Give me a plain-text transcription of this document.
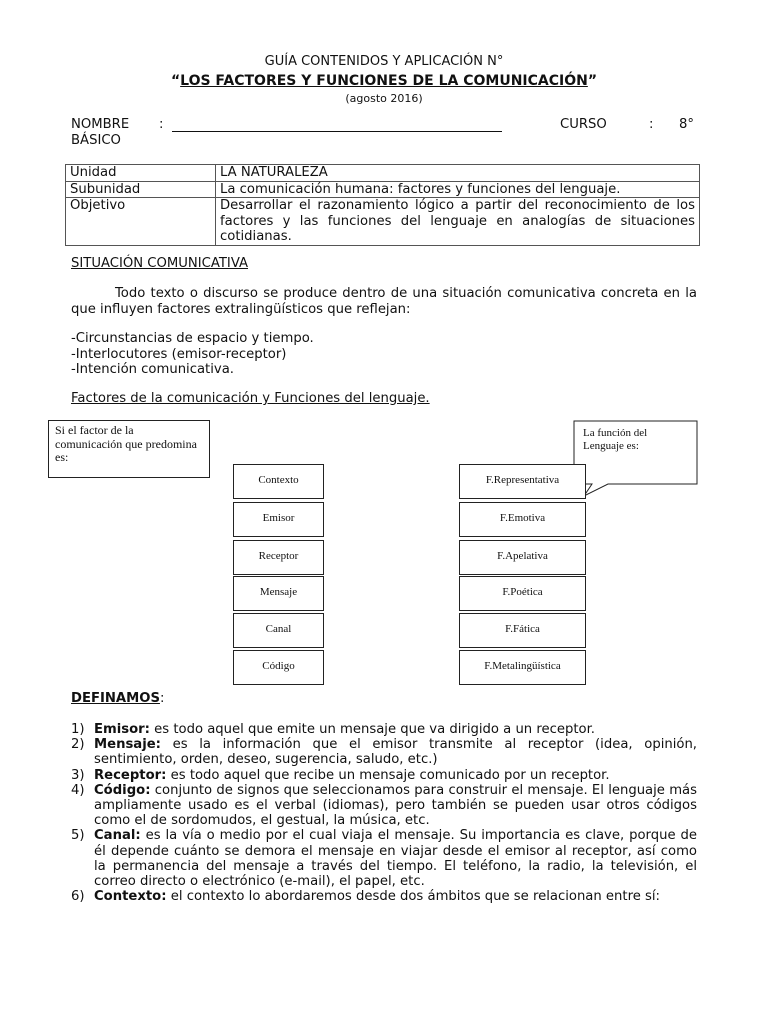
GUÍA CONTENIDOS Y APLICACIÓN N°
“LOS FACTORES Y FUNCIONES DE LA COMUNICACIÓN”
(agosto 2016)
NOMBRE :	CURSO	: 8°
BÁSICO
Unidad	LA NATURALEZA
Subunidad	La comunicación humana: factores y funciones del lenguaje.
Objetivo	Desarrollar el razonamiento lógico a partir del reconocimiento de los factores y las funciones del lenguaje en analogías de situaciones cotidianas.
SITUACIÓN COMUNICATIVA
Todo texto o discurso se produce dentro de una situación comunicativa concreta en la que influyen factores extralingüísticos que reflejan:
-Circunstancias de espacio y tiempo.
-Interlocutores (emisor-receptor)
-Intención comunicativa.
Factores de la comunicación y Funciones del lenguaje.
Si el factor de la comunicación que predomina es:
La función del Lenguaje es:
Contexto
Emisor
Receptor
Mensaje
Canal
Código
F.Representativa
F.Emotiva
F.Apelativa
F.Poética
F.Fática
F.Metalingüística
DEFINAMOS:
1) Emisor: es todo aquel que emite un mensaje que va dirigido a un receptor.
2) Mensaje: es la información que el emisor transmite al receptor (idea, opinión, sentimiento, orden, deseo, sugerencia, saludo, etc.)
3) Receptor: es todo aquel que recibe un mensaje comunicado por un receptor.
4) Código: conjunto de signos que seleccionamos para construir el mensaje. El lenguaje más ampliamente usado es el verbal (idiomas), pero también se pueden usar otros códigos como el de sordomudos, el gestual, la música, etc.
5) Canal: es la vía o medio por el cual viaja el mensaje. Su importancia es clave, porque de él depende cuánto se demora el mensaje en viajar desde el emisor al receptor, así como la permanencia del mensaje a través del tiempo. El teléfono, la radio, la televisión, el correo directo o electrónico (e-mail), el papel, etc.
6) Contexto: el contexto lo abordaremos desde dos ámbitos que se relacionan entre sí:
